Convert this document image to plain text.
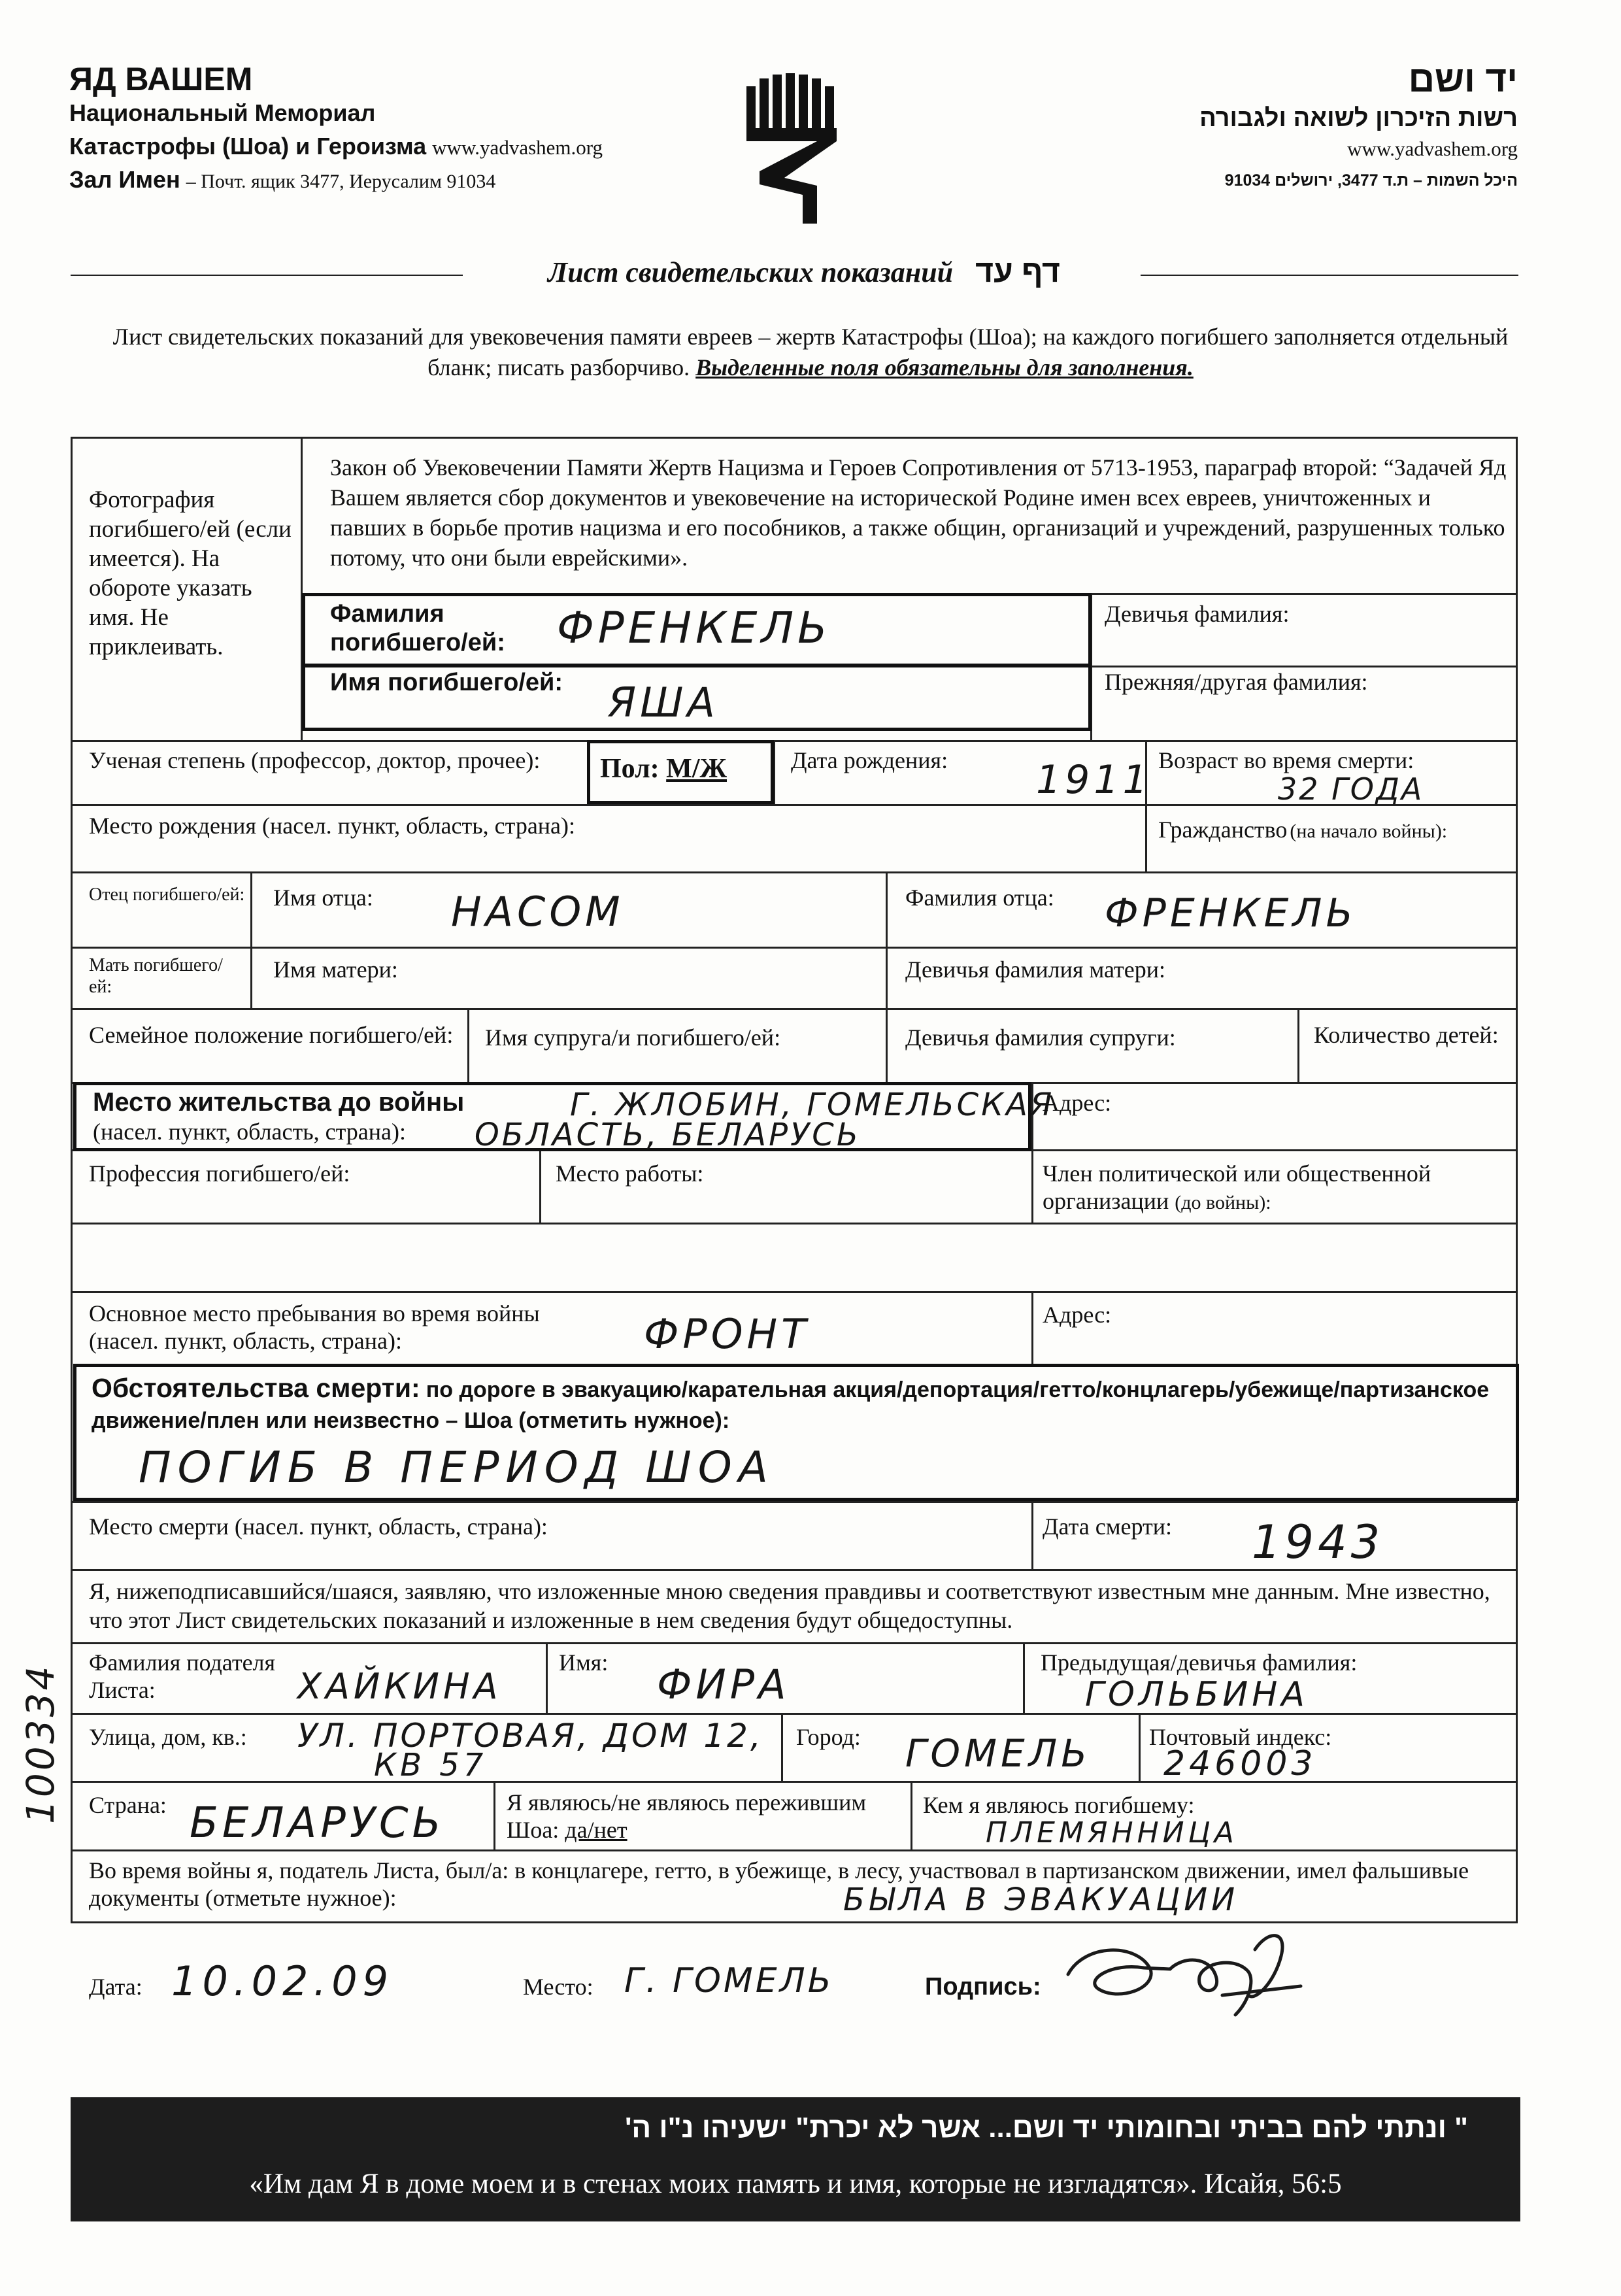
ЯД ВАШЕМ
Национальный Мемориал
Катастрофы (Шоа) и Героизма www.yadvashem.org
Зал Имен – Почт. ящик 3477, Иерусалим 91034
יד ושם
רשות הזיכרון לשואה ולגבורה
www.yadvashem.org
היכל השמות – ת.ד 3477, ירושלים 91034
Лист свидетельских показаний דף עד
Лист свидетельских показаний для увековечения памяти евреев – жертв Катастрофы (Шоа); на каждого погибшего заполняется отдельный бланк; писать разборчиво. Выделенные поля обязательны для заполнения.
Фотография погибшего/ей (если имеется). На обороте указать имя. Не приклеивать.
Закон об Увековечении Памяти Жертв Нацизма и Героев Сопротивления от 5713-1953, параграф второй: “Задачей Яд Вашем является сбор документов и увековечение на исторической Родине имен всех евреев, уничтоженных и павших в борьбе против нацизма и его пособников, а также общин, организаций и учреждений, разрушенных только потому, что они были еврейскими».
Фамилия погибшего/ей:	ФРЕНКЕЛЬ
Имя погибшего/ей: ЯША
Девичья фамилия:
Прежняя/другая фамилия:
Ученая степень (профессор, доктор, прочее):	Пол: М/Ж	Дата рождения: 1911 Возраст во время смерти:
32 ГОДА
Место рождения (насел. пункт, область, страна):	Гражданство (на начало войны):
Отец погибшего/ей: Имя отца: НАСОМ	Фамилия отца: ФРЕНКЕЛЬ
Мать погибшего/ей:
Имя матери:	Девичья фамилия матери:
Семейное положение погибшего/ей:	Имя супруга/и погибшего/ей:	Девичья фамилия супруги:	Количество детей:
Место жительства до войны
(насел. пункт, область, страна):
Г. ЖЛОБИН, ГОМЕЛЬСКАЯ
ОБЛАСТЬ, БЕЛАРУСЬ
Адрес:
Профессия погибшего/ей:	Место работы:	Член политической или общественной организации (до войны):
Основное место пребывания во время войны (насел. пункт, область, страна):	ФРОНТ	Адрес:
Обстоятельства смерти: по дороге в эвакуацию/карательная акция/депортация/гетто/концлагерь/убежище/партизанское движение/плен или неизвестно – Шоа (отметить нужное):
ПОГИБ В ПЕРИОД ШОА
Место смерти (насел. пункт, область, страна):	Дата смерти: 1943
Я, нижеподписавшийся/шаяся, заявляю, что изложенные мною сведения правдивы и соответствуют известным мне данным. Мне известно, что этот Лист свидетельских показаний и изложенные в нем сведения будут общедоступны.
Фамилия подателя Листа:	ХАЙКИНА
Имя: ФИРА	Предыдущая/девичья фамилия:
ГОЛЬБИНА
Улица, дом, кв.: УЛ. ПОРТОВАЯ, ДОМ 12,
КВ 57
Город: ГОМЕЛЬ Почтовый индекс:
246003
Страна: БЕЛАРУСЬ	Я являюсь/не являюсь пережившим Шоа: да/нет
Кем я являюсь погибшему:
ПЛЕМЯННИЦА
Во время войны я, податель Листа, был/а: в концлагере, гетто, в убежище, в лесу, участвовал в партизанском движении, имел фальшивые документы (отметьте нужное):	БЫЛА В ЭВАКУАЦИИ
100334
Дата: 10.02.09	Место: Г. ГОМЕЛЬ	Подпись:
" ונתתי להם בביתי ובחומותי יד ושם... אשר לא יכרת" ישעיהו נ"ו ה'
«Им дам Я в доме моем и в стенах моих память и имя, которые не изгладятся». Исайя, 56:5
